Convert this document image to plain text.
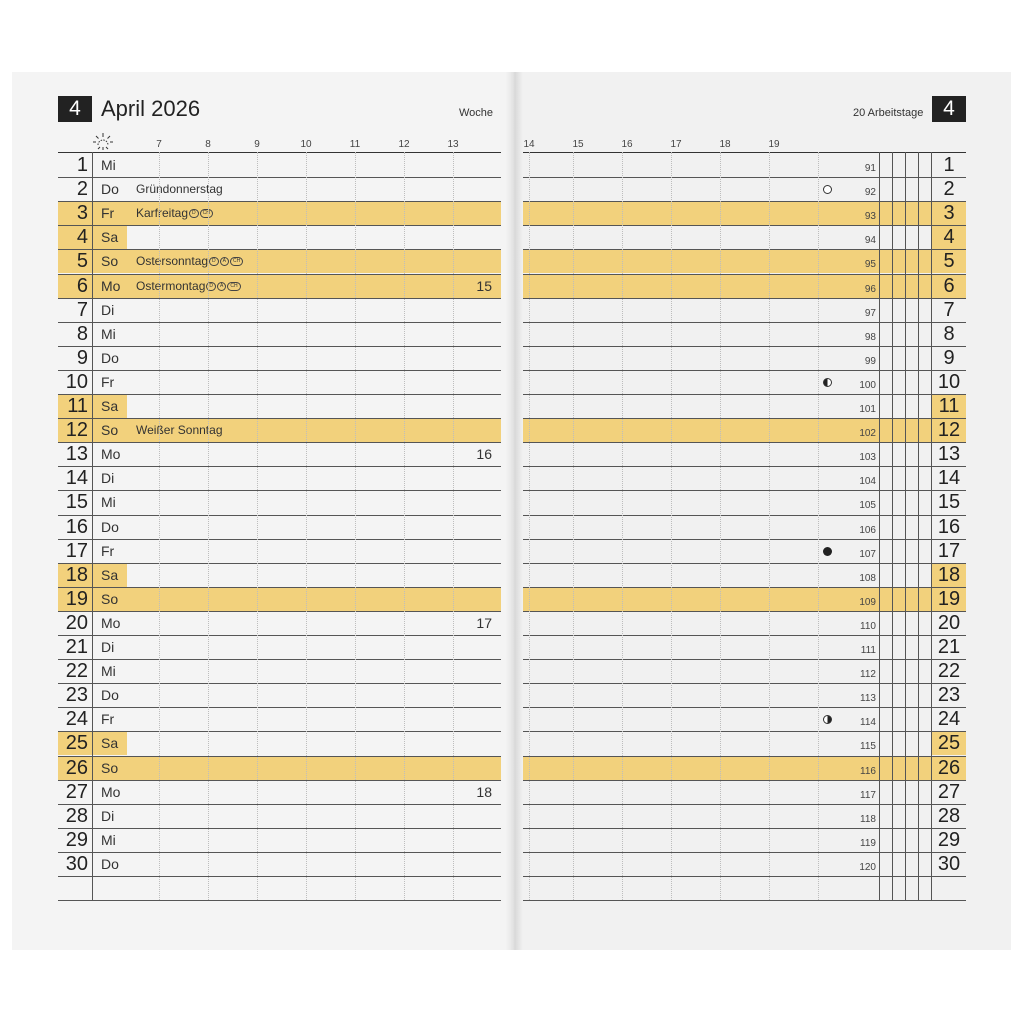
4 April 2026	Woche	20 Arbeitstage 4
7	8	9	10	11	12	13	14	15	16	17	18	19
1 Mi	91	1
2 Do Gründonnerstag	92	2
3 Fr Karfreitag D CH	93	3
4 Sa	94	4
5 So Ostersonntag D A CH	95	5
6 Mo Ostermontag D A CH	15	96	6
7 Di	97	7
8 Mi	98	8
9 Do	99	9
10 Fr	100	10
11 Sa	101	11
12 So Weißer Sonntag	102	12
13 Mo	16	103	13
14 Di	104	14
15 Mi	105	15
16 Do	106	16
17 Fr	107	17
18 Sa	108	18
19 So	109	19
20 Mo	17	110	20
21 Di	111	21
22 Mi	112	22
23 Do	113	23
24 Fr	114	24
25 Sa	115	25
26 So	116	26
27 Mo	18	117	27
28 Di	118	28
29 Mi	119	29
30 Do	120	30
